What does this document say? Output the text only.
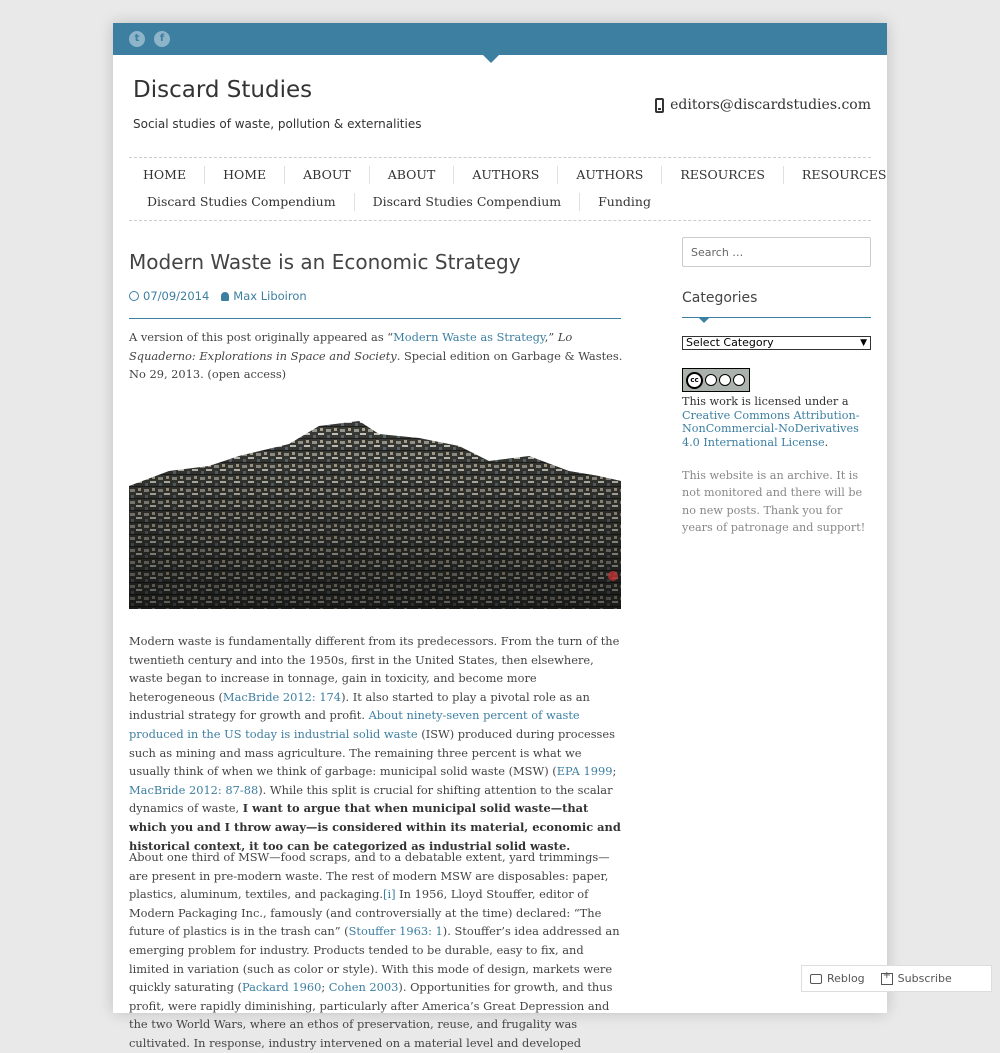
t	f
Discard Studies
Social studies of waste, pollution & externalities
editors@discardstudies.com
HOME	HOME	ABOUT	ABOUT	AUTHORS	AUTHORS	RESOURCES	RESOURCES
Discard Studies Compendium	Discard Studies Compendium	Funding
Modern Waste is an Economic Strategy
07/09/2014	Max Liboiron

A version of this post originally appeared as “Modern Waste as Strategy,” Lo Squaderno: Explorations in Space and Society. Special edition on Garbage & Wastes. No 29, 2013. (open access)

Modern waste is fundamentally different from its predecessors. From the turn of the twentieth century and into the 1950s, first in the United States, then elsewhere, waste began to increase in tonnage, gain in toxicity, and become more heterogeneous (MacBride 2012: 174). It also started to play a pivotal role as an industrial strategy for growth and profit. About ninety-seven percent of waste produced in the US today is industrial solid waste (ISW) produced during processes such as mining and mass agriculture. The remaining three percent is what we usually think of when we think of garbage: municipal solid waste (MSW) (EPA 1999; MacBride 2012: 87-88). While this split is crucial for shifting attention to the scalar dynamics of waste, I want to argue that when municipal solid waste—that which you and I throw away—is considered within its material, economic and historical context, it too can be categorized as industrial solid waste.

About one third of MSW—food scraps, and to a debatable extent, yard trimmings—are present in pre-modern waste. The rest of modern MSW are disposables: paper, plastics, aluminum, textiles, and packaging.[i] In 1956, Lloyd Stouffer, editor of Modern Packaging Inc., famously (and controversially at the time) declared: “The future of plastics is in the trash can” (Stouffer 1963: 1). Stouffer’s idea addressed an emerging problem for industry. Products tended to be durable, easy to fix, and limited in variation (such as color or style). With this mode of design, markets were quickly saturating (Packard 1960; Cohen 2003). Opportunities for growth, and thus profit, were rapidly diminishing, particularly after America’s Great Depression and the two World Wars, where an ethos of preservation, reuse, and frugality was cultivated. In response, industry intervened on a material level and developed

Search …
Categories
Select Category	▼
cc
This work is licensed under a Creative Commons Attribution-NonCommercial-NoDerivatives 4.0 International License.
This website is an archive. It is not monitored and there will be no new posts. Thank you for years of patronage and support!
Reblog
+	Subscribe
